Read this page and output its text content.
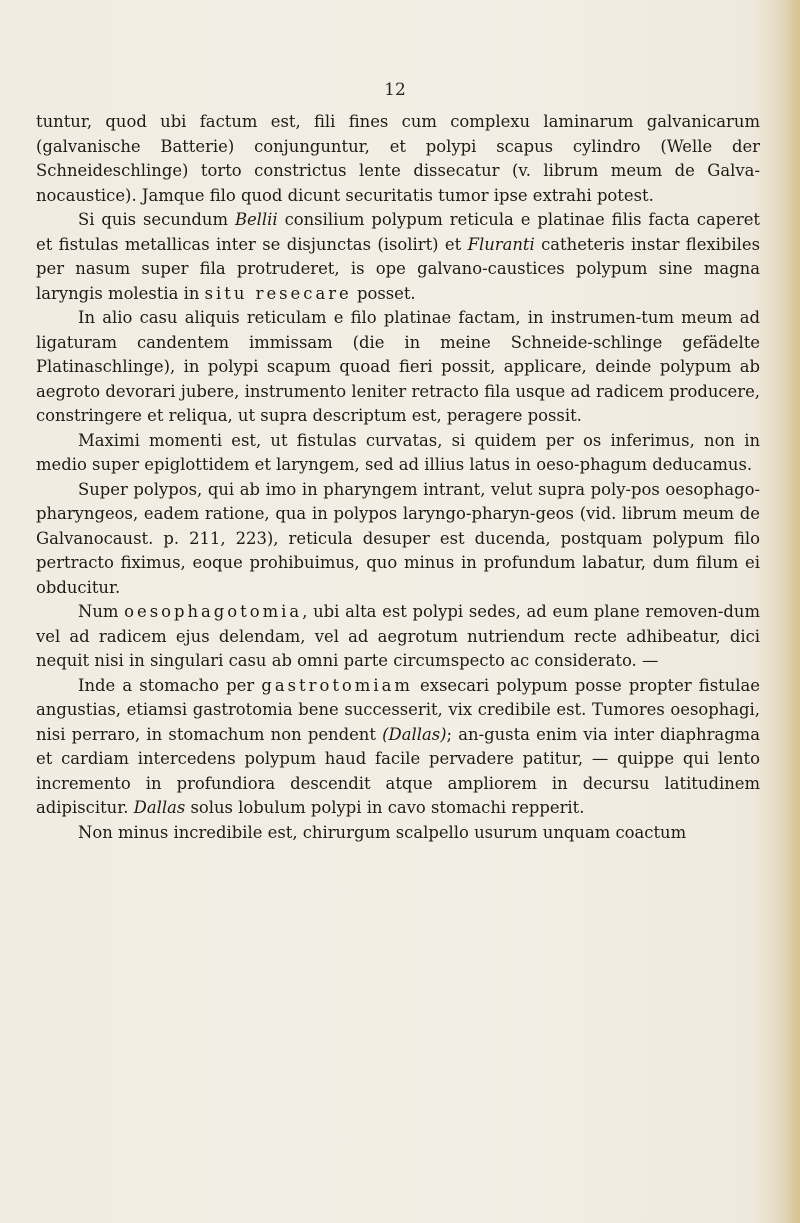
12

tuntur, quod ubi factum est, fili fines cum complexu laminarum galvanicarum (galvanische Batterie) conjunguntur, et polypi scapus cylindro (Welle der Schneideschlinge) torto constrictus lente dissecatur (v. librum meum de Galva-nocaustice). Jamque filo quod dicunt securitatis tumor ipse extrahi potest.

Si quis secundum Bellii consilium polypum reticula e platinae filis facta caperet et fistulas metallicas inter se disjunctas (isolirt) et Fluranti catheteris instar flexibiles per nasum super fila protruderet, is ope galvano-caustices polypum sine magna laryngis molestia in situ resecare posset.

In alio casu aliquis reticulam e filo platinae factam, in instrumen-tum meum ad ligaturam candentem immissam (die in meine Schneide-schlinge gefädelte Platinaschlinge), in polypi scapum quoad fieri possit, applicare, deinde polypum ab aegroto devorari jubere, instrumento leniter retracto fila usque ad radicem producere, constringere et reliqua, ut supra descriptum est, peragere possit.

Maximi momenti est, ut fistulas curvatas, si quidem per os inferimus, non in medio super epiglottidem et laryngem, sed ad illius latus in oeso-phagum deducamus.

Super polypos, qui ab imo in pharyngem intrant, velut supra poly-pos oesophago-pharyngeos, eadem ratione, qua in polypos laryngo-pharyn-geos (vid. librum meum de Galvanocaust. p. 211, 223), reticula desuper est ducenda, postquam polypum filo pertracto fiximus, eoque prohibuimus, quo minus in profundum labatur, dum filum ei obducitur.

Num oesophagotomia, ubi alta est polypi sedes, ad eum plane removen-dum vel ad radicem ejus delendam, vel ad aegrotum nutriendum recte adhibeatur, dici nequit nisi in singulari casu ab omni parte circumspecto ac considerato. —

Inde a stomacho per gastrotomiam exsecari polypum posse propter fistulae angustias, etiamsi gastrotomia bene successerit, vix credibile est. Tumores oesophagi, nisi perraro, in stomachum non pendent (Dallas); an-gusta enim via inter diaphragma et cardiam intercedens polypum haud facile pervadere patitur, — quippe qui lento incremento in profundiora descendit atque ampliorem in decursu latitudinem adipiscitur. Dallas solus lobulum polypi in cavo stomachi repperit.

Non minus incredibile est, chirurgum scalpello usurum unquam coactum
